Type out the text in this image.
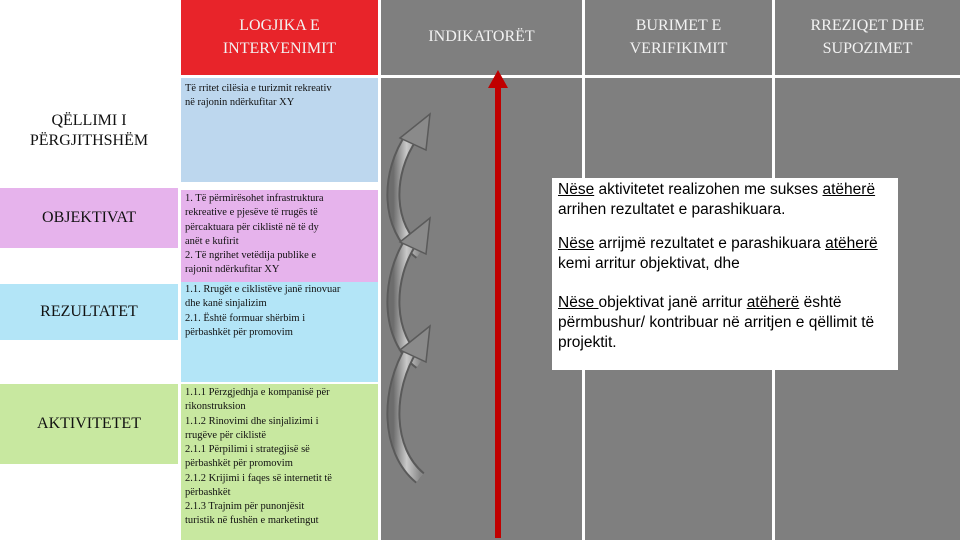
LOGJIKA E INTERVENIMIT
INDIKATORËT
BURIMET E VERIFIKIMIT
RREZIQET DHE SUPOZIMET
QËLLIMI I PËRGJITHSHËM
OBJEKTIVAT
REZULTATET
AKTIVITETET
Të rritet cilësia e turizmit rekreativ
në rajonin ndërkufitar XY
1. Të përmirësohet infrastruktura
rekreative e pjesëve të rrugës të
përcaktuara për ciklistë në të dy
anët e kufirit
2. Të ngrihet vetëdija publike e
rajonit ndërkufitar XY
1.1. Rrugët e ciklistëve janë rinovuar
dhe kanë sinjalizim
2.1. Është formuar shërbim i
përbashkët për promovim
1.1.1 Përzgjedhja e kompanisë për
rikonstruksion
1.1.2 Rinovimi dhe sinjalizimi i
rrugëve për ciklistë
2.1.1 Përpilimi i strategjisë së
përbashkët për promovim
2.1.2 Krijimi i faqes së internetit të
përbashkët
2.1.3 Trajnim për punonjësit
turistik në fushën e marketingut
Nëse aktivitetet realizohen me sukses atëherë arrihen rezultatet e parashikuara.
Nëse arrijmë rezultatet e parashikuara atëherë kemi arritur objektivat, dhe
Nëse objektivat janë arritur atëherë është përmbushur/ kontribuar në arritjen e qëllimit të projektit.
